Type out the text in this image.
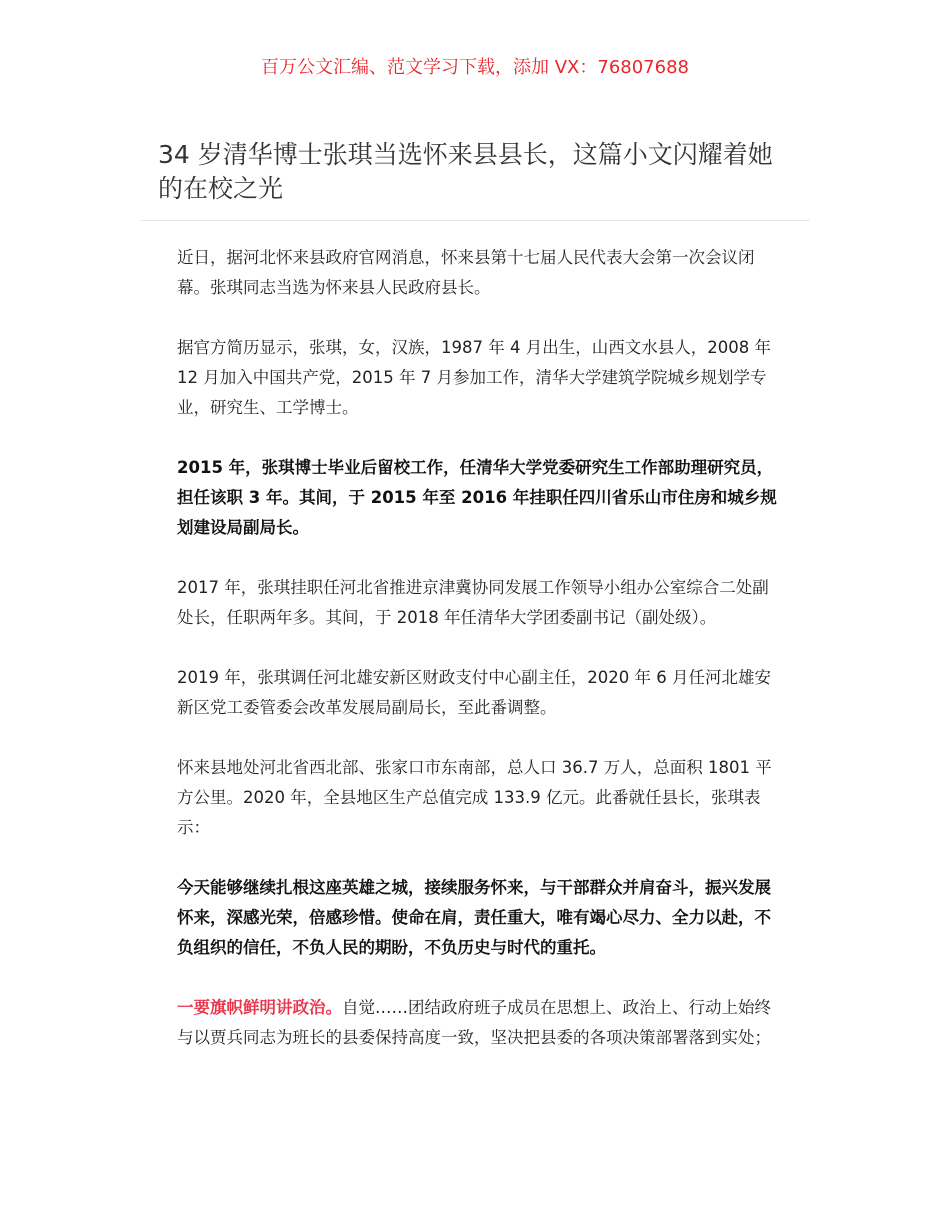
百万公文汇编、范文学习下载，添加 VX：76807688
34 岁清华博士张琪当选怀来县县长，这篇小文闪耀着她的在校之光

近日，据河北怀来县政府官网消息，怀来县第十七届人民代表大会第一次会议闭幕。张琪同志当选为怀来县人民政府县长。

据官方简历显示，张琪，女，汉族，1987 年 4 月出生，山西文水县人，2008 年 12 月加入中国共产党，2015 年 7 月参加工作，清华大学建筑学院城乡规划学专业，研究生、工学博士。

2015 年，张琪博士毕业后留校工作，任清华大学党委研究生工作部助理研究员，担任该职 3 年。其间，于 2015 年至 2016 年挂职任四川省乐山市住房和城乡规划建设局副局长。

2017 年，张琪挂职任河北省推进京津冀协同发展工作领导小组办公室综合二处副处长，任职两年多。其间，于 2018 年任清华大学团委副书记（副处级）。

2019 年，张琪调任河北雄安新区财政支付中心副主任，2020 年 6 月任河北雄安新区党工委管委会改革发展局副局长，至此番调整。

怀来县地处河北省西北部、张家口市东南部，总人口 36.7 万人，总面积 1801 平方公里。2020 年，全县地区生产总值完成 133.9 亿元。此番就任县长，张琪表示：

今天能够继续扎根这座英雄之城，接续服务怀来，与干部群众并肩奋斗，振兴发展怀来，深感光荣，倍感珍惜。使命在肩，责任重大，唯有竭心尽力、全力以赴，不负组织的信任，不负人民的期盼，不负历史与时代的重托。

一要旗帜鲜明讲政治。自觉……团结政府班子成员在思想上、政治上、行动上始终与以贾兵同志为班长的县委保持高度一致，坚决把县委的各项决策部署落到实处；
